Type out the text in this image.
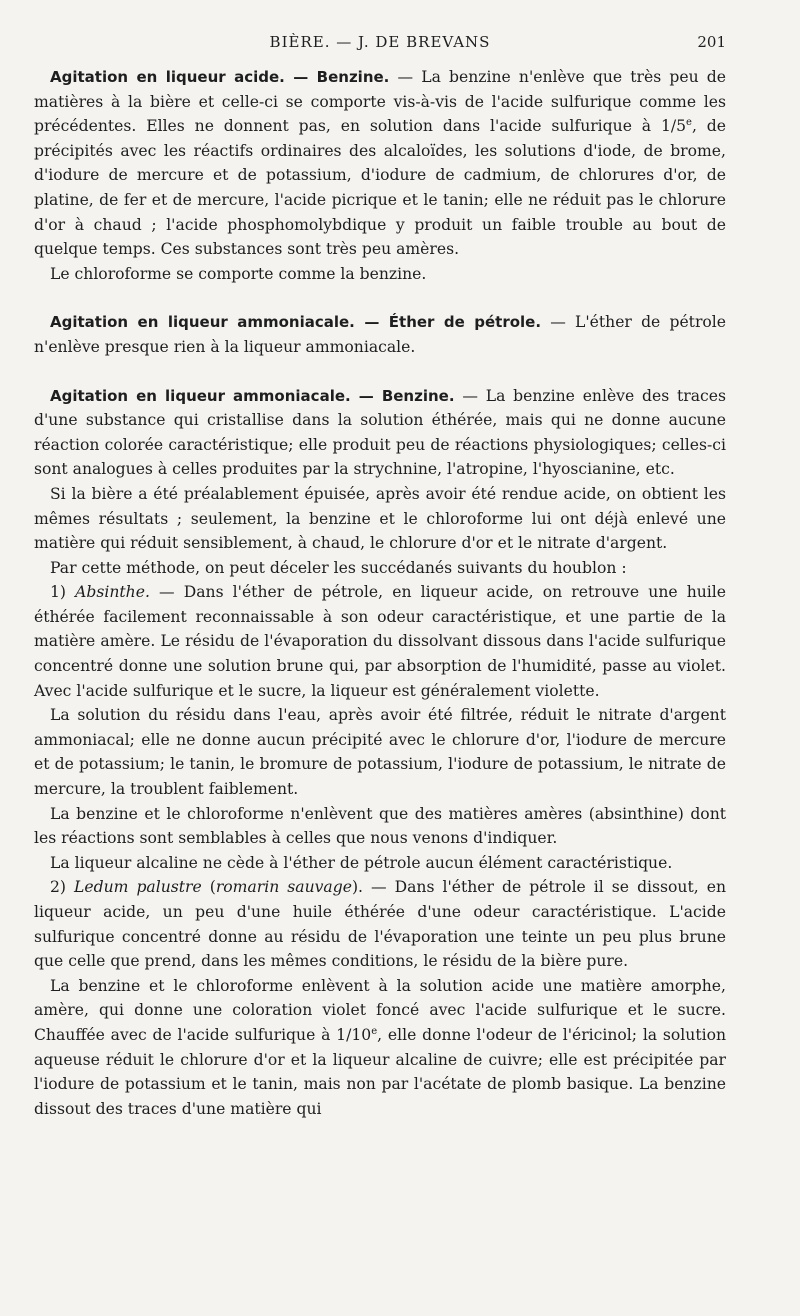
BIÈRE. — J. DE BREVANS	201

Agitation en liqueur acide. — Benzine. — La benzine n'enlève que très peu de matières à la bière et celle-ci se comporte vis-à-vis de l'acide sulfurique comme les précédentes. Elles ne donnent pas, en solution dans l'acide sulfurique à 1/5e, de précipités avec les réactifs ordinaires des alcaloïdes, les solutions d'iode, de brome, d'iodure de mercure et de potassium, d'iodure de cadmium, de chlorures d'or, de platine, de fer et de mercure, l'acide picrique et le tanin; elle ne réduit pas le chlorure d'or à chaud ; l'acide phosphomolybdique y produit un faible trouble au bout de quelque temps. Ces substances sont très peu amères.

Le chloroforme se comporte comme la benzine.

Agitation en liqueur ammoniacale. — Éther de pétrole. — L'éther de pétrole n'enlève presque rien à la liqueur ammoniacale.

Agitation en liqueur ammoniacale. — Benzine. — La benzine enlève des traces d'une substance qui cristallise dans la solution éthérée, mais qui ne donne aucune réaction colorée caractéristique; elle produit peu de réactions physiologiques; celles-ci sont analogues à celles produites par la strychnine, l'atropine, l'hyoscianine, etc.

Si la bière a été préalablement épuisée, après avoir été rendue acide, on obtient les mêmes résultats ; seulement, la benzine et le chloroforme lui ont déjà enlevé une matière qui réduit sensiblement, à chaud, le chlorure d'or et le nitrate d'argent.

Par cette méthode, on peut déceler les succédanés suivants du houblon :

1) Absinthe. — Dans l'éther de pétrole, en liqueur acide, on retrouve une huile éthérée facilement reconnaissable à son odeur caractéristique, et une partie de la matière amère. Le résidu de l'évaporation du dissolvant dissous dans l'acide sulfurique concentré donne une solution brune qui, par absorption de l'humidité, passe au violet. Avec l'acide sulfurique et le sucre, la liqueur est généralement violette.

La solution du résidu dans l'eau, après avoir été filtrée, réduit le nitrate d'argent ammoniacal; elle ne donne aucun précipité avec le chlorure d'or, l'iodure de mercure et de potassium; le tanin, le bromure de potassium, l'iodure de potassium, le nitrate de mercure, la troublent faiblement.

La benzine et le chloroforme n'enlèvent que des matières amères (absinthine) dont les réactions sont semblables à celles que nous venons d'indiquer.

La liqueur alcaline ne cède à l'éther de pétrole aucun élément caractéristique.

2) Ledum palustre (romarin sauvage). — Dans l'éther de pétrole il se dissout, en liqueur acide, un peu d'une huile éthérée d'une odeur caractéristique. L'acide sulfurique concentré donne au résidu de l'évaporation une teinte un peu plus brune que celle que prend, dans les mêmes conditions, le résidu de la bière pure.

La benzine et le chloroforme enlèvent à la solution acide une matière amorphe, amère, qui donne une coloration violet foncé avec l'acide sulfurique et le sucre. Chauffée avec de l'acide sulfurique à 1/10e, elle donne l'odeur de l'éricinol; la solution aqueuse réduit le chlorure d'or et la liqueur alcaline de cuivre; elle est précipitée par l'iodure de potassium et le tanin, mais non par l'acétate de plomb basique. La benzine dissout des traces d'une matière qui
